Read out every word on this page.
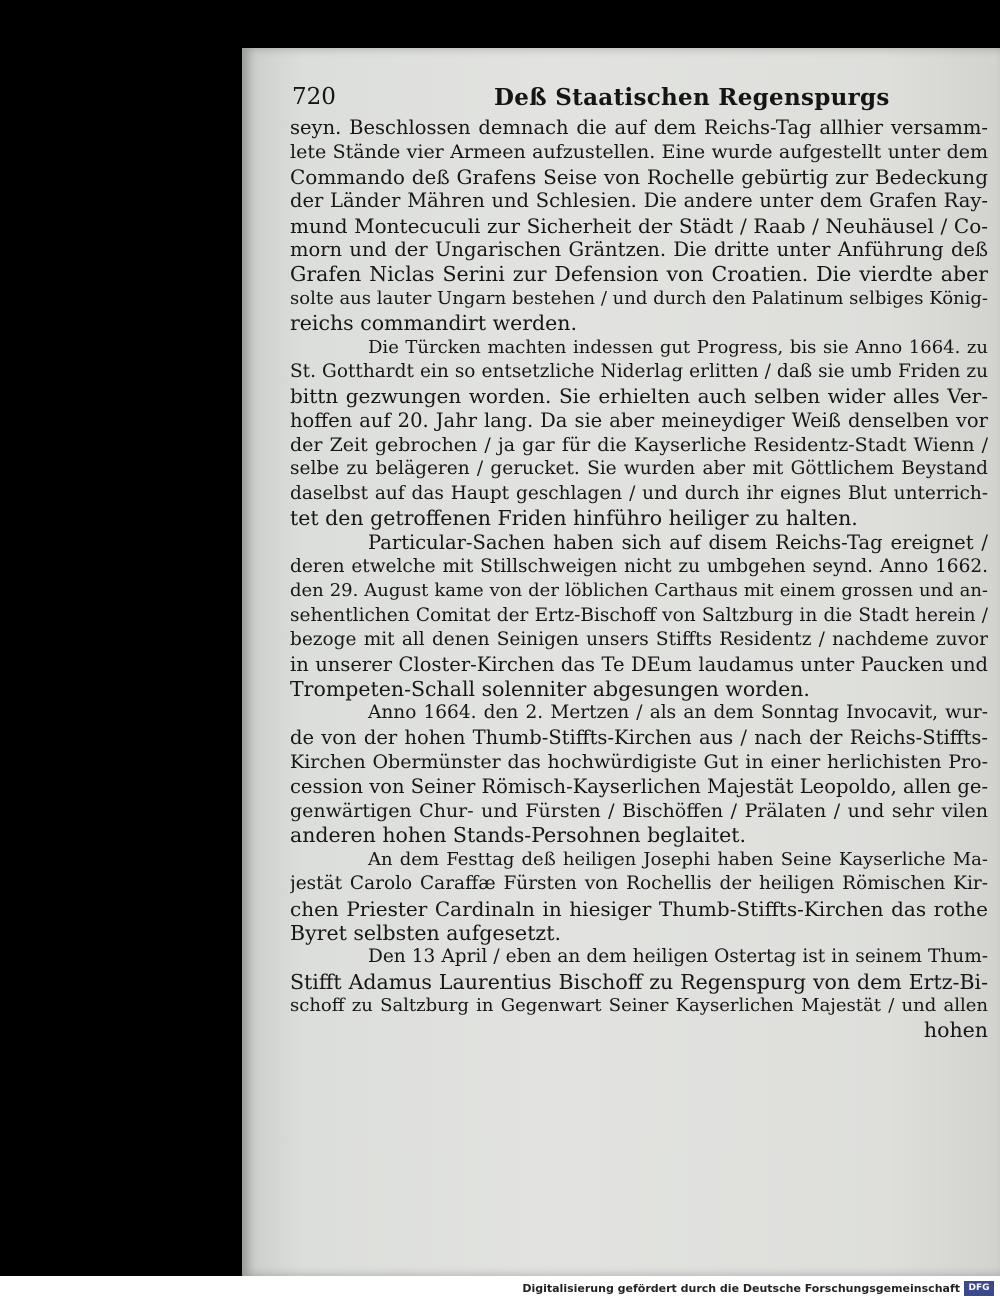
720	Deß Staatischen Regenspurgs
seyn. Beschlossen demnach die auf dem Reichs-Tag allhier versamm-
lete Stände vier Armeen aufzustellen. Eine wurde aufgestellt unter dem
Commando deß Grafens Seise von Rochelle gebürtig zur Bedeckung
der Länder Mähren und Schlesien. Die andere unter dem Grafen Ray-
mund Montecuculi zur Sicherheit der Städt / Raab / Neuhäusel / Co-
morn und der Ungarischen Gräntzen. Die dritte unter Anführung deß
Grafen Niclas Serini zur Defension von Croatien. Die vierdte aber
solte aus lauter Ungarn bestehen / und durch den Palatinum selbiges König-
reichs commandirt werden.
Die Türcken machten indessen gut Progress, bis sie Anno 1664. zu
St. Gotthardt ein so entsetzliche Niderlag erlitten / daß sie umb Friden zu
bittn gezwungen worden. Sie erhielten auch selben wider alles Ver-
hoffen auf 20. Jahr lang. Da sie aber meineydiger Weiß denselben vor
der Zeit gebrochen / ja gar für die Kayserliche Residentz-Stadt Wienn /
selbe zu belägeren / gerucket. Sie wurden aber mit Göttlichem Beystand
daselbst auf das Haupt geschlagen / und durch ihr eignes Blut unterrich-
tet den getroffenen Friden hinführo heiliger zu halten.
Particular-Sachen haben sich auf disem Reichs-Tag ereignet /
deren etwelche mit Stillschweigen nicht zu umbgehen seynd. Anno 1662.
den 29. August kame von der löblichen Carthaus mit einem grossen und an-
sehentlichen Comitat der Ertz-Bischoff von Saltzburg in die Stadt herein /
bezoge mit all denen Seinigen unsers Stiffts Residentz / nachdeme zuvor
in unserer Closter-Kirchen das Te DEum laudamus unter Paucken und
Trompeten-Schall solenniter abgesungen worden.
Anno 1664. den 2. Mertzen / als an dem Sonntag Invocavit, wur-
de von der hohen Thumb-Stiffts-Kirchen aus / nach der Reichs-Stiffts-
Kirchen Obermünster das hochwürdigiste Gut in einer herlichisten Pro-
cession von Seiner Römisch-Kayserlichen Majestät Leopoldo, allen ge-
genwärtigen Chur- und Fürsten / Bischöffen / Prälaten / und sehr vilen
anderen hohen Stands-Persohnen beglaitet.
An dem Festtag deß heiligen Josephi haben Seine Kayserliche Ma-
jestät Carolo Caraffæ Fürsten von Rochellis der heiligen Römischen Kir-
chen Priester Cardinaln in hiesiger Thumb-Stiffts-Kirchen das rothe
Byret selbsten aufgesetzt.
Den 13 April / eben an dem heiligen Ostertag ist in seinem Thum-
Stifft Adamus Laurentius Bischoff zu Regenspurg von dem Ertz-Bi-
schoff zu Saltzburg in Gegenwart Seiner Kayserlichen Majestät / und allen
hohen
Digitalisierung gefördert durch die Deutsche Forschungsgemeinschaft DFG
